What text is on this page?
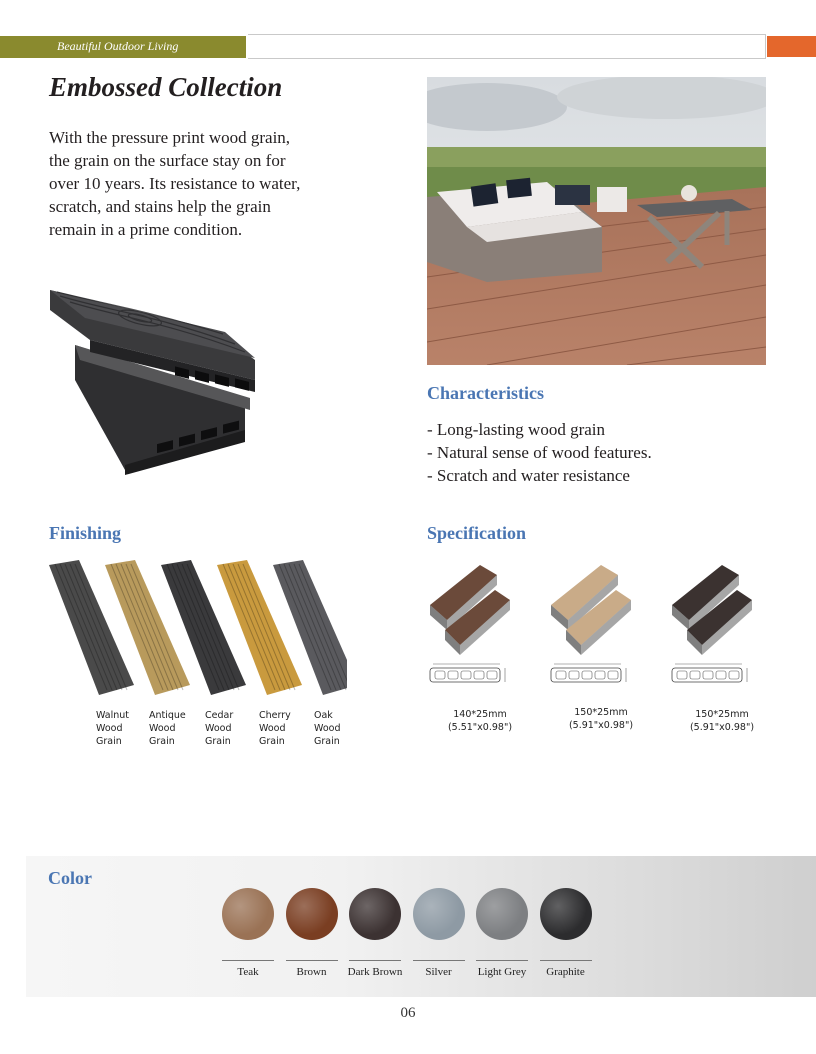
Beautiful Outdoor Living
Embossed Collection

With the pressure print wood grain,

the grain on the surface stay on for

over 10 years. Its resistance to water,

scratch, and stains help the grain

remain in a prime condition.

Characteristics
- Long-lasting wood grain
- Natural sense of wood features.
- Scratch and water resistance
Finishing
Walnut
Wood
Grain
Antique
Wood
Grain
Cedar
Wood
Grain
Cherry
Wood
Grain
Oak
Wood
Grain
Specification
140*25mm
(5.51"x0.98")
150*25mm
(5.91"x0.98")
150*25mm
(5.91"x0.98")
Color
Teak	Brown	Dark Brown	Silver	Light Grey	Graphite
06
